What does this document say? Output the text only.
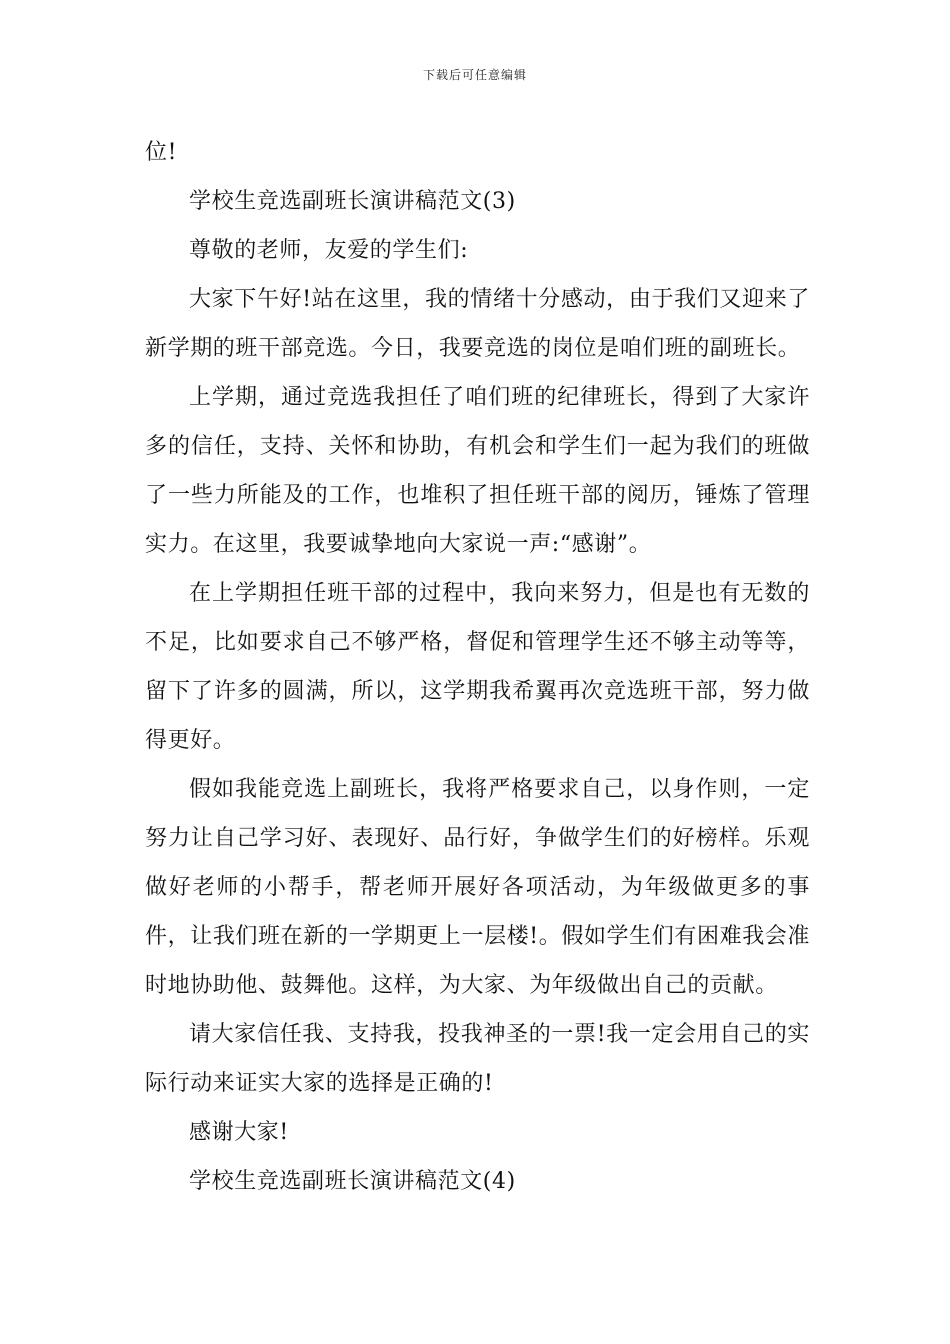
下载后可任意编辑

位!

学校生竞选副班长演讲稿范文(3)

尊敬的老师，友爱的学生们:

大家下午好!站在这里，我的情绪十分感动，由于我们又迎来了新学期的班干部竞选。今日，我要竞选的岗位是咱们班的副班长。

上学期，通过竞选我担任了咱们班的纪律班长，得到了大家许多的信任，支持、关怀和协助，有机会和学生们一起为我们的班做了一些力所能及的工作，也堆积了担任班干部的阅历，锤炼了管理实力。在这里，我要诚挚地向大家说一声:“感谢”。

在上学期担任班干部的过程中，我向来努力，但是也有无数的不足，比如要求自己不够严格，督促和管理学生还不够主动等等，留下了许多的圆满，所以，这学期我希翼再次竞选班干部，努力做得更好。

假如我能竞选上副班长，我将严格要求自己，以身作则，一定努力让自己学习好、表现好、品行好，争做学生们的好榜样。乐观做好老师的小帮手，帮老师开展好各项活动，为年级做更多的事件，让我们班在新的一学期更上一层楼!。假如学生们有困难我会准时地协助他、鼓舞他。这样，为大家、为年级做出自己的贡献。

请大家信任我、支持我，投我神圣的一票!我一定会用自己的实际行动来证实大家的选择是正确的!

感谢大家!

学校生竞选副班长演讲稿范文(4)
